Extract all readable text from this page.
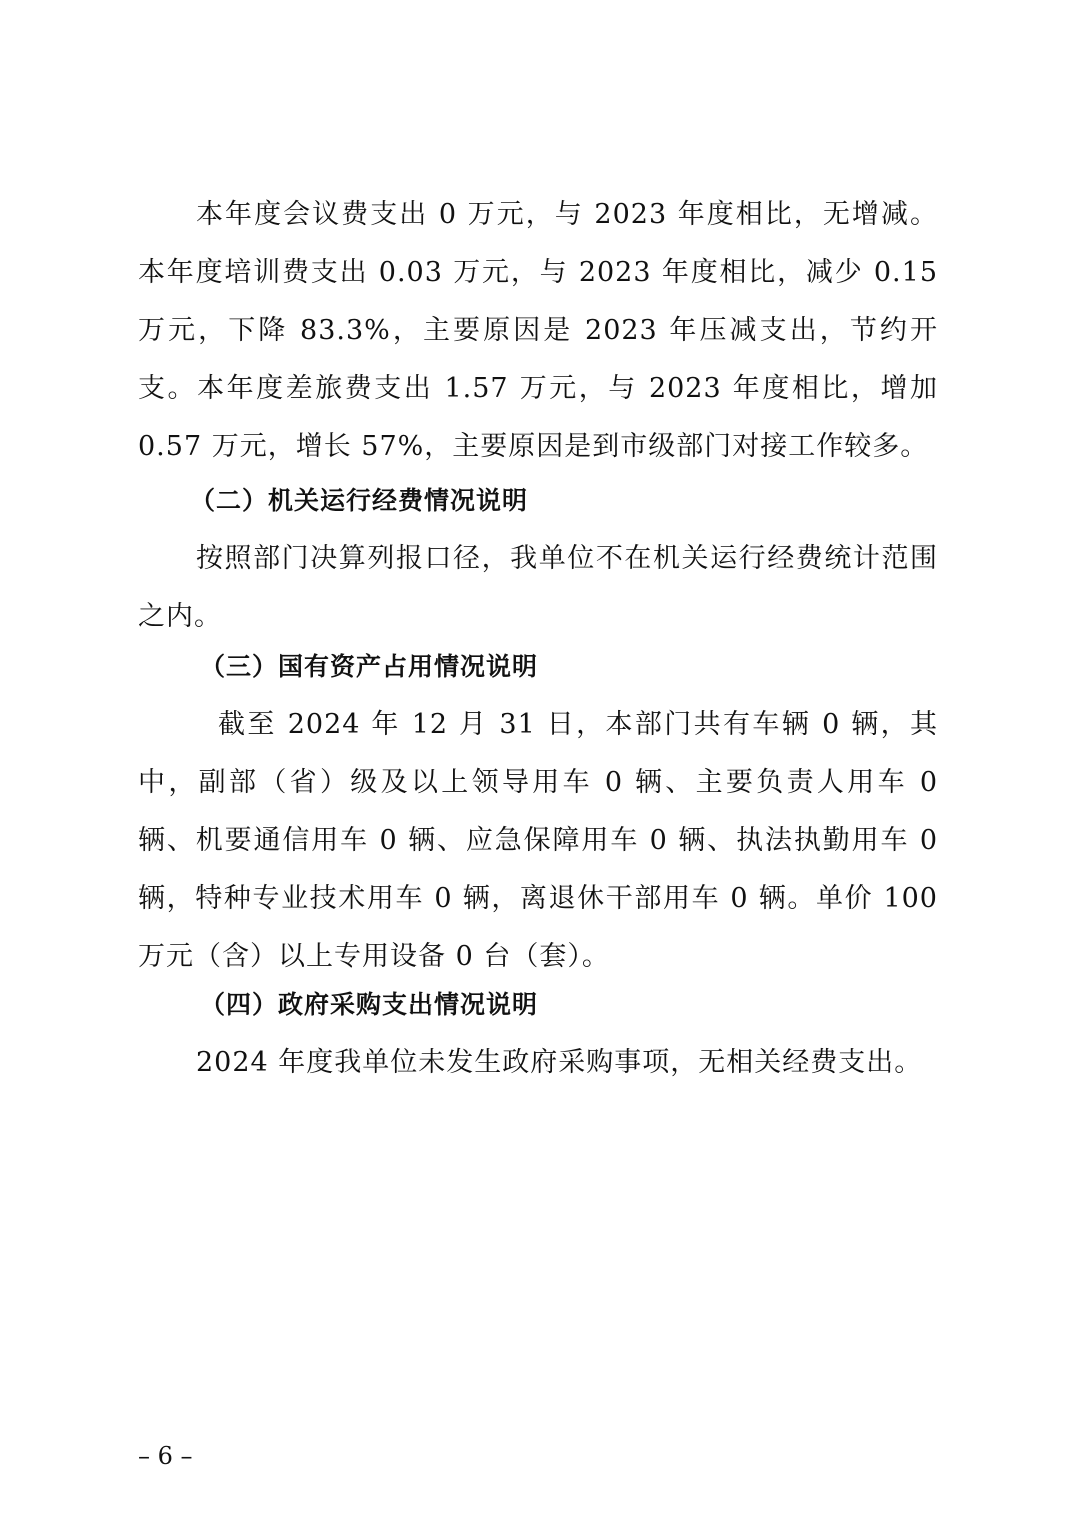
本年度会议费支出 0 万元，与 2023 年度相比，无增减。本年度培训费支出 0.03 万元，与 2023 年度相比，减少 0.15 万元，下降 83.3%，主要原因是 2023 年压减支出，节约开支。本年度差旅费支出 1.57 万元，与 2023 年度相比，增加 0.57 万元，增长 57%，主要原因是到市级部门对接工作较多。

（二）机关运行经费情况说明

按照部门决算列报口径，我单位不在机关运行经费统计范围之内。

（三）国有资产占用情况说明

截至 2024 年 12 月 31 日，本部门共有车辆 0 辆，其中，副部（省）级及以上领导用车 0 辆、主要负责人用车 0 辆、机要通信用车 0 辆、应急保障用车 0 辆、执法执勤用车 0 辆，特种专业技术用车 0 辆，离退休干部用车 0 辆。单价 100 万元（含）以上专用设备 0 台（套）。

（四）政府采购支出情况说明

2024 年度我单位未发生政府采购事项，无相关经费支出。

– 6 –
